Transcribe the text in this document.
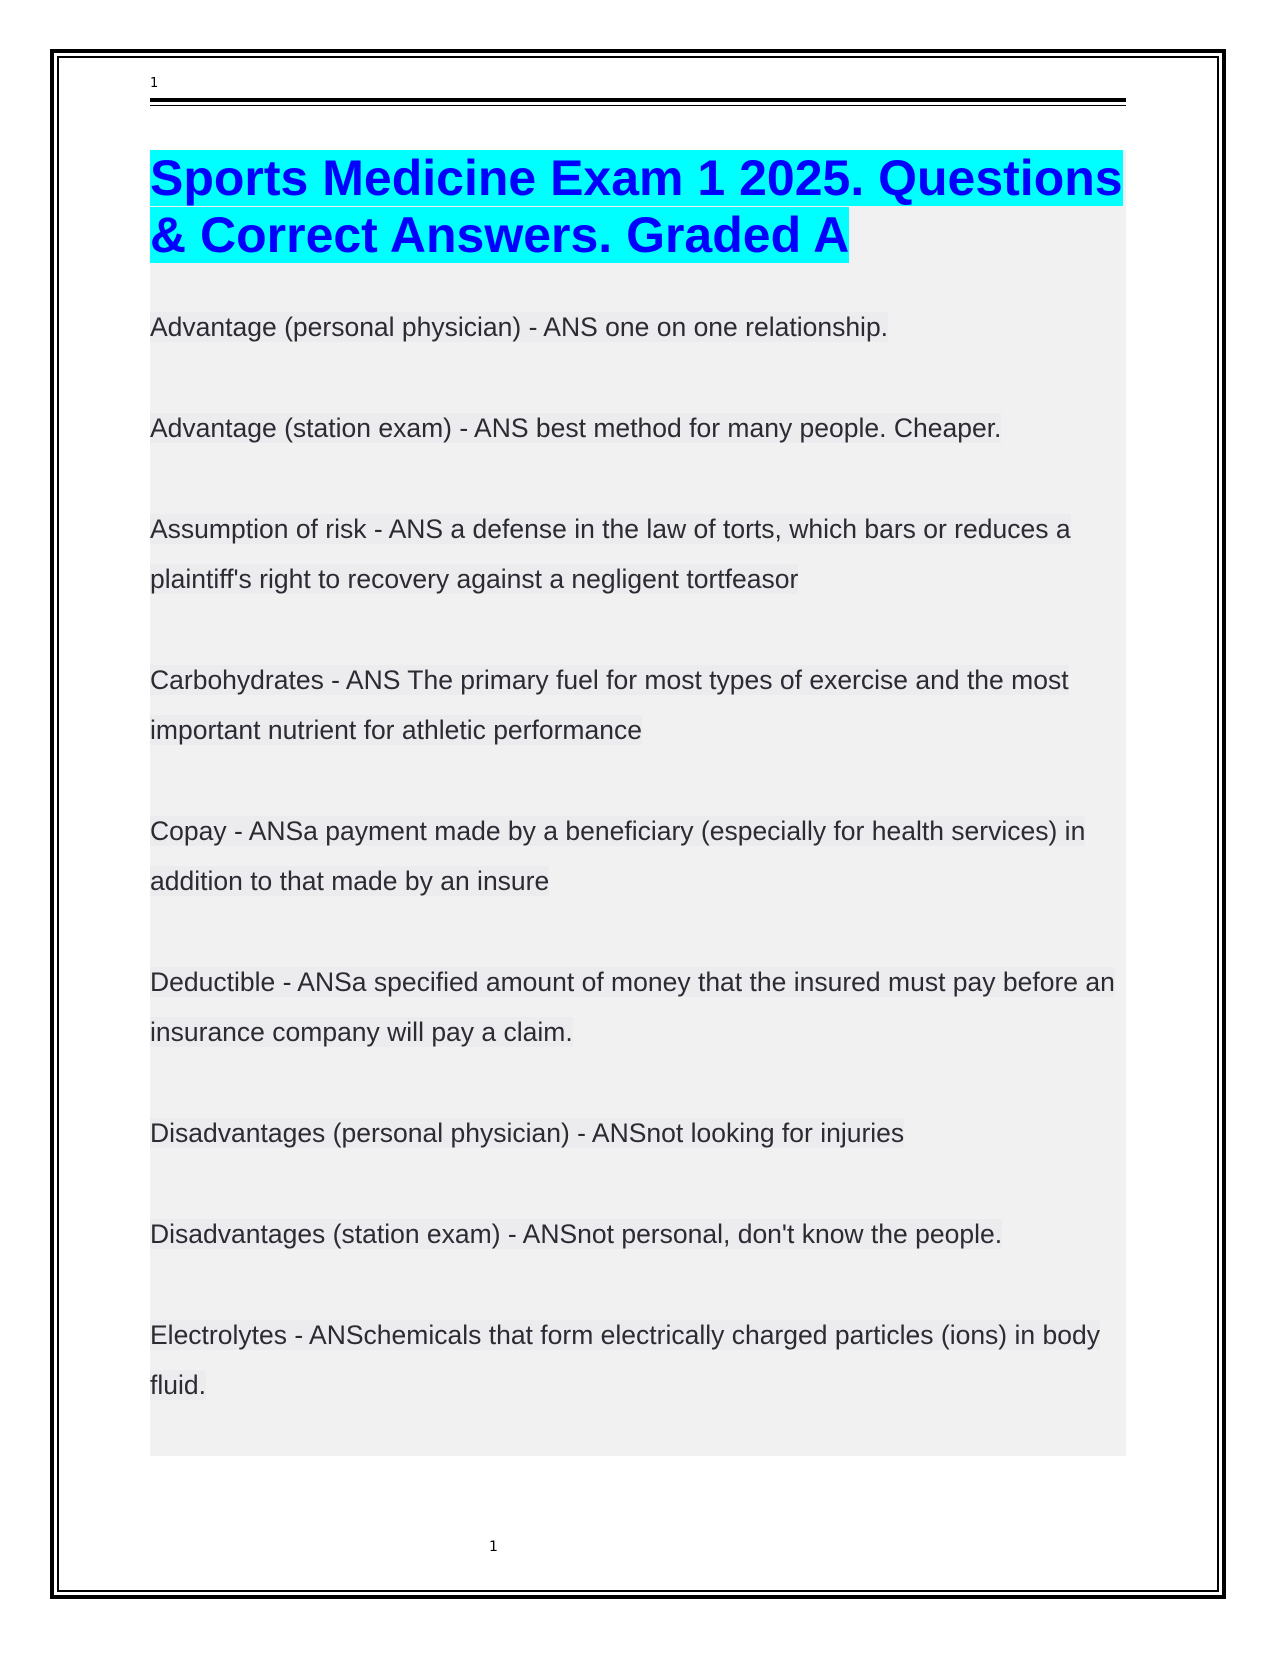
1
Sports Medicine Exam 1 2025. Questions & Correct Answers. Graded A

Advantage (personal physician) - ANS one on one relationship.

Advantage (station exam) - ANS best method for many people. Cheaper.

Assumption of risk - ANS a defense in the law of torts, which bars or reduces a plaintiff's right to recovery against a negligent tortfeasor

Carbohydrates - ANS The primary fuel for most types of exercise and the most important nutrient for athletic performance

Copay - ANSa payment made by a beneficiary (especially for health services) in addition to that made by an insure

Deductible - ANSa specified amount of money that the insured must pay before an insurance company will pay a claim.

Disadvantages (personal physician) - ANSnot looking for injuries

Disadvantages (station exam) - ANSnot personal, don't know the people.

Electrolytes - ANSchemicals that form electrically charged particles (ions) in body fluid.

1
